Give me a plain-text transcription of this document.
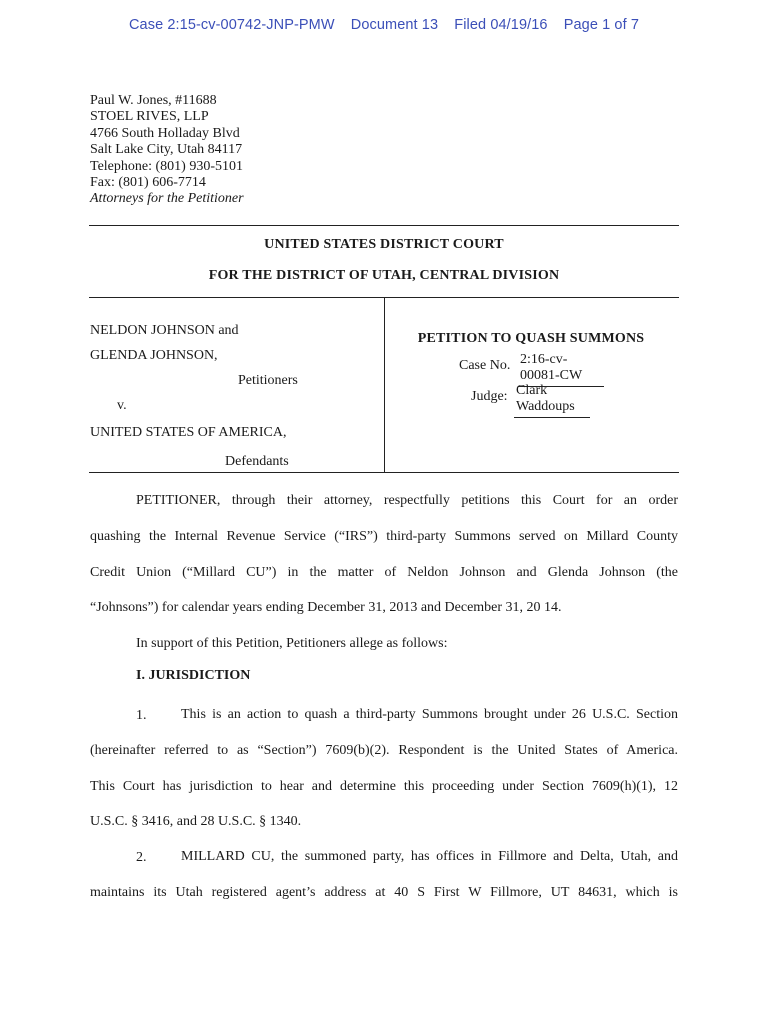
Case 2:15-cv-00742-JNP-PMW Document 13 Filed 04/19/16 Page 1 of 7
Paul W. Jones, #11688
STOEL RIVES, LLP
4766 South Holladay Blvd
Salt Lake City, Utah 84117
Telephone: (801) 930-5101
Fax: (801) 606-7714
Attorneys for the Petitioner
UNITED STATES DISTRICT COURT
FOR THE DISTRICT OF UTAH, CENTRAL DIVISION
NELDON JOHNSON and
GLENDA JOHNSON,
Petitioners
v.
UNITED STATES OF AMERICA,
Defendants
PETITION TO QUASH SUMMONS
Case No. 2:16-cv-00081-CW
Judge: Clark Waddoups
PETITIONER, through their attorney, respectfully petitions this Court for an order
quashing the Internal Revenue Service (“IRS”) third-party Summons served on Millard County
Credit Union (“Millard CU”) in the matter of Neldon Johnson and Glenda Johnson (the
“Johnsons”) for calendar years ending December 31, 2013 and December 31, 20 14.
In support of this Petition, Petitioners allege as follows:
I. JURISDICTION
1.	This is an action to quash a third-party Summons brought under 26 U.S.C. Section
(hereinafter referred to as “Section”) 7609(b)(2). Respondent is the United States of America.
This Court has jurisdiction to hear and determine this proceeding under Section 7609(h)(1), 12
U.S.C. § 3416, and 28 U.S.C. § 1340.
2.	MILLARD CU, the summoned party, has offices in Fillmore and Delta, Utah, and
maintains its Utah registered agent’s address at 40 S First W Fillmore, UT 84631, which is
